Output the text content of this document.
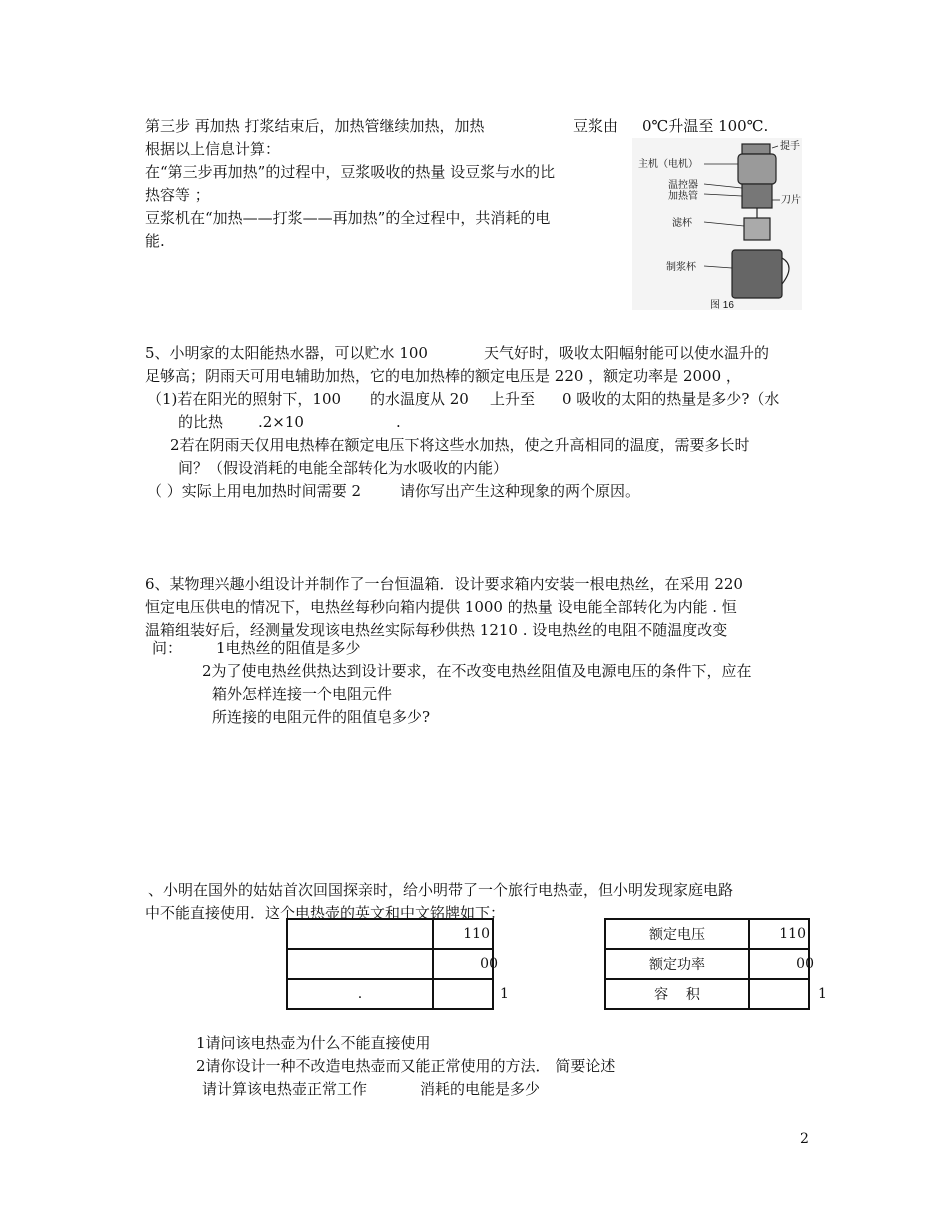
第三步 再加热 打浆结束后，加热管继续加热，加热	豆浆由 0℃升温至 100℃.
根据以上信息计算：
在“第三步再加热”的过程中，豆浆吸收的热量 设豆浆与水的比
热容等 ；
豆浆机在“加热——打浆——再加热”的全过程中，共消耗的电
能.
提手
主机（电机）
温控器
加热管	刀片
滤杯
制浆杯
图 16
5、小明家的太阳能热水器，可以贮水 100	天气好时，吸收太阳幅射能可以使水温升的
足够高；阴雨天可用电辅助加热，它的电加热棒的额定电压是 220 ，额定功率是 2000 ，
（1)若在阳光的照射下，100 的水温度从 20 上升至 0 吸收的太阳的热量是多少?（水
的比热 .2×10	.
2若在阴雨天仅用电热棒在额定电压下将这些水加热，使之升高相同的温度，需要多长时
间？（假设消耗的电能全部转化为水吸收的内能）
（ ）实际上用电加热时间需要 2	请你写出产生这种现象的两个原因。
6、某物理兴趣小组设计并制作了一台恒温箱．设计要求箱内安装一根电热丝，在采用 220
恒定电压供电的情况下，电热丝每秒向箱内提供 1000 的热量 设电能全部转化为内能 . 恒
温箱组装好后，经测量发现该电热丝实际每秒供热 1210 . 设电热丝的电阻不随温度改变
问： 1电热丝的阻值是多少
2为了使电热丝供热达到设计要求，在不改变电热丝阻值及电源电压的条件下，应在
箱外怎样连接一个电阻元件
所连接的电阻元件的阻值皂多少?
、小明在国外的姑姑首次回国探亲时，给小明带了一个旅行电热壶，但小明发现家庭电路
中不能直接使用．这个电热壶的英文和中文铭牌如下：
	110
	00
.		1
额定电压	110
额定功率	00
容    积		1
1请问该电热壶为什么不能直接使用
2请你设计一种不改造电热壶而又能正常使用的方法． 简要论述
请计算该电热壶正常工作	消耗的电能是多少
2
